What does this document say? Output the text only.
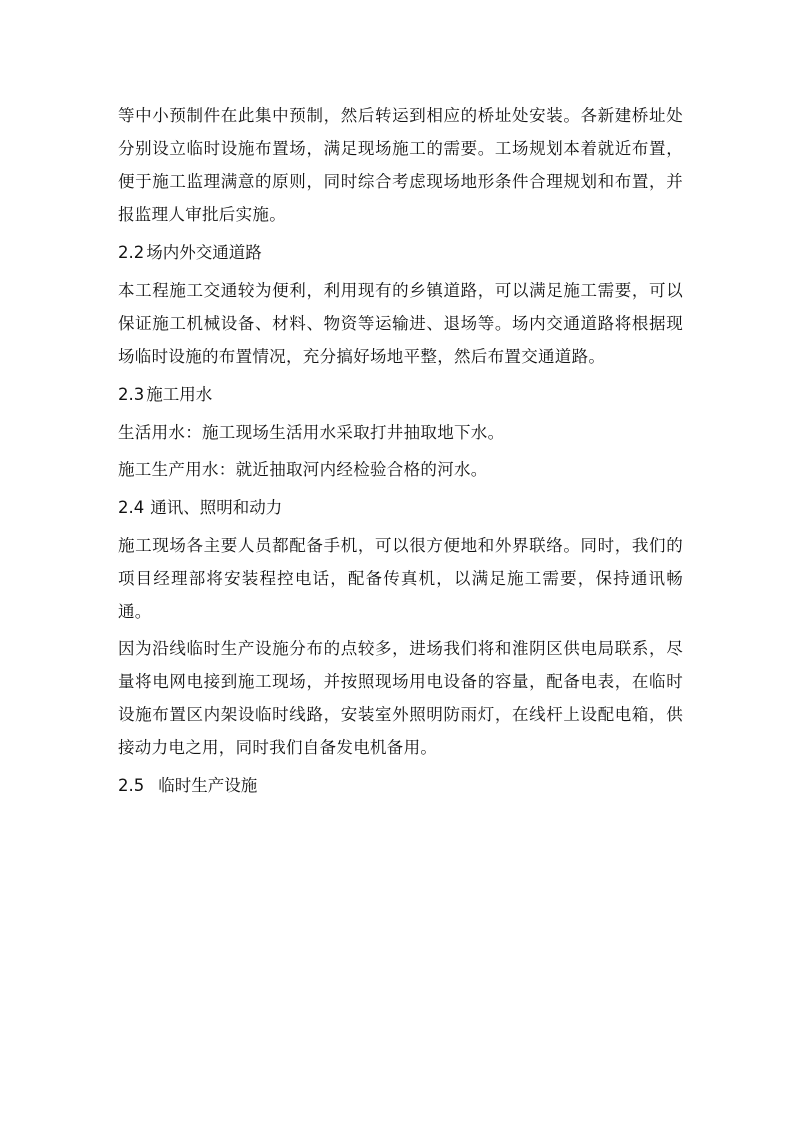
等中小预制件在此集中预制，然后转运到相应的桥址处安装。各新建桥址处分别设立临时设施布置场，满足现场施工的需要。工场规划本着就近布置，便于施工监理满意的原则，同时综合考虑现场地形条件合理规划和布置，并报监理人审批后实施。

2.2 场内外交通道路

本工程施工交通较为便利，利用现有的乡镇道路，可以满足施工需要，可以保证施工机械设备、材料、物资等运输进、退场等。场内交通道路将根据现场临时设施的布置情况，充分搞好场地平整，然后布置交通道路。

2.3 施工用水

生活用水：施工现场生活用水采取打井抽取地下水。

施工生产用水：就近抽取河内经检验合格的河水。

2.4 通讯、照明和动力

施工现场各主要人员都配备手机，可以很方便地和外界联络。同时，我们的项目经理部将安装程控电话，配备传真机，以满足施工需要，保持通讯畅通。

因为沿线临时生产设施分布的点较多，进场我们将和淮阴区供电局联系，尽量将电网电接到施工现场，并按照现场用电设备的容量，配备电表，在临时设施布置区内架设临时线路，安装室外照明防雨灯，在线杆上设配电箱，供接动力电之用，同时我们自备发电机备用。

2.5 临时生产设施
